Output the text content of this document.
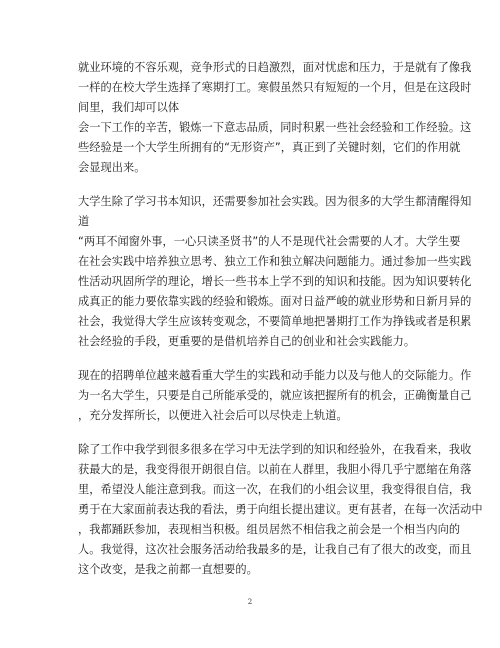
就业环境的不容乐观，竞争形式的日趋激烈，面对忧虑和压力，于是就有了像我
一样的在校大学生选择了寒期打工。寒假虽然只有短短的一个月，但是在这段时
间里，我们却可以体
会一下工作的辛苦，锻炼一下意志品质，同时积累一些社会经验和工作经验。这
些经验是一个大学生所拥有的“无形资产”，真正到了关键时刻，它们的作用就
会显现出来。
大学生除了学习书本知识，还需要参加社会实践。因为很多的大学生都清醒得知
道
“两耳不闻窗外事，一心只读圣贤书”的人不是现代社会需要的人才。大学生要
在社会实践中培养独立思考、独立工作和独立解决问题能力。通过参加一些实践
性活动巩固所学的理论，增长一些书本上学不到的知识和技能。因为知识要转化
成真正的能力要依靠实践的经验和锻炼。面对日益严峻的就业形势和日新月异的
社会，我觉得大学生应该转变观念，不要简单地把暑期打工作为挣钱或者是积累
社会经验的手段，更重要的是借机培养自己的创业和社会实践能力。
现在的招聘单位越来越看重大学生的实践和动手能力以及与他人的交际能力。作
为一名大学生，只要是自己所能承受的，就应该把握所有的机会，正确衡量自己
，充分发挥所长，以便进入社会后可以尽快走上轨道。
除了工作中我学到很多很多在学习中无法学到的知识和经验外，在我看来，我收
获最大的是，我变得很开朗很自信。以前在人群里，我胆小得几乎宁愿缩在角落
里，希望没人能注意到我。而这一次，在我们的小组会议里，我变得很自信，我
勇于在大家面前表达我的看法，勇于向组长提出建议。更有甚者，在每一次活动中
，我都踊跃参加，表现相当积极。组员居然不相信我之前会是一个相当内向的
人。我觉得，这次社会服务活动给我最多的是，让我自己有了很大的改变，而且
这个改变，是我之前都一直想要的。
2
